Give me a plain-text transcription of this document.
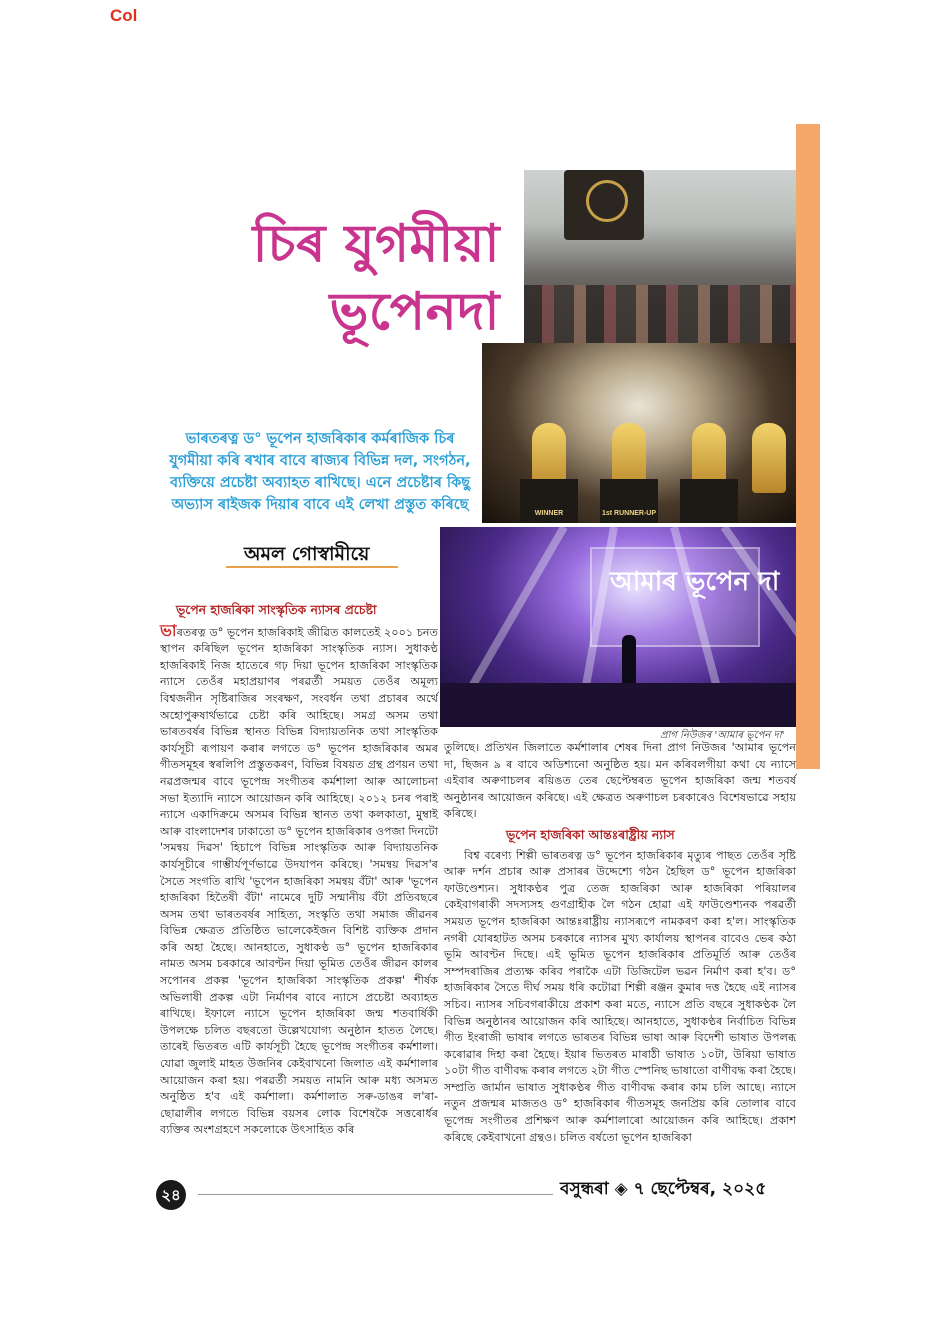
Col
চিৰ যুগমীয়া
ভূপেনদা
WINNER	1st RUNNER-UP
আমাৰ ভূপেন দা
প্ৰাগ নিউজৰ 'আমাৰ ভূপেন দা'
ভাৰতৰত্ন ড° ভূপেন হাজৰিকাৰ কৰ্মৰাজিক চিৰ যুগমীয়া কৰি ৰখাৰ বাবে ৰাজ্যৰ বিভিন্ন দল, সংগঠন, ব্যক্তিয়ে প্ৰচেষ্টা অব্যাহত ৰাখিছে। এনে প্ৰচেষ্টাৰ কিছু অভ্যাস ৰাইজক দিয়াৰ বাবে এই লেখা প্ৰস্তুত কৰিছে
অমল গোস্বামীয়ে
ভূপেন হাজৰিকা সাংস্কৃতিক ন্যাসৰ প্ৰচেষ্টা

ভাৰতৰত্ন ড° ভূপেন হাজৰিকাই জীৱিত কালতেই ২০০১ চনত স্থাপন কৰিছিল ভূপেন হাজৰিকা সাংস্কৃতিক ন্যাস। সুধাকণ্ঠ হাজৰিকাই নিজ হাতেৰে গঢ় দিয়া ভূপেন হাজৰিকা সাংস্কৃতিক ন্যাসে তেওঁৰ মহাপ্ৰয়াণৰ পৰৱৰ্তী সময়ত তেওঁৰ অমূল্য বিশ্বজনীন সৃষ্টিৰাজিৰ সংৰক্ষণ, সংবৰ্ধন তথা প্ৰচাৰৰ অৰ্থে অহোপুৰুষাৰ্থভাৱে চেষ্টা কৰি আহিছে। সমগ্ৰ অসম তথা ভাৰতবৰ্ষৰ বিভিন্ন স্থানত বিভিন্ন বিদ্যায়তনিক তথা সাংস্কৃতিক কাৰ্যসূচী ৰূপায়ণ কৰাৰ লগতে ড° ভূপেন হাজৰিকাৰ অমৰ গীতসমূহৰ স্বৰলিপি প্ৰস্তুতকৰণ, বিভিন্ন বিষয়ত গ্ৰন্থ প্ৰণয়ন তথা নৱপ্ৰজন্মৰ বাবে ভূপেন্দ্ৰ সংগীতৰ কৰ্মশালা আৰু আলোচনা সভা ইত্যাদি ন্যাসে আয়োজন কৰি আহিছে। ২০১২ চনৰ পৰাই ন্যাসে একাদিক্ৰমে অসমৰ বিভিন্ন স্থানত তথা কলকাতা, মুম্বাই আৰু বাংলাদেশৰ ঢাকাতো ড° ভূপেন হাজৰিকাৰ ওপজা দিনটো 'সমন্বয় দিৱস' হিচাপে বিভিন্ন সাংস্কৃতিক আৰু বিদ্যায়তনিক কাৰ্যসূচীৰে গাম্ভীৰ্যপূৰ্ণভাৱে উদযাপন কৰিছে। 'সমন্বয় দিৱস'ৰ সৈতে সংগতি ৰাখি 'ভূপেন হাজৰিকা সমন্বয় বঁটা' আৰু 'ভূপেন হাজৰিকা হিতৈষী বঁটা' নামেৰে দুটি সন্মানীয় বঁটা প্ৰতিবছৰে অসম তথা ভাৰতবৰ্ষৰ সাহিত্য, সংস্কৃতি তথা সমাজ জীৱনৰ বিভিন্ন ক্ষেত্ৰত প্ৰতিষ্ঠিত ভালেকেইজন বিশিষ্ট ব্যক্তিক প্ৰদান কৰি অহা হৈছে। আনহাতে, সুধাকণ্ঠ ড° ভূপেন হাজৰিকাৰ নামত অসম চৰকাৰে আবণ্টন দিয়া ভূমিত তেওঁৰ জীৱন কালৰ সপোনৰ প্ৰকল্প 'ভূপেন হাজৰিকা সাংস্কৃতিক প্ৰকল্প' শীৰ্ষক অভিলাষী প্ৰকল্প এটা নিৰ্মাণৰ বাবে ন্যাসে প্ৰচেষ্টা অব্যাহত ৰাখিছে। ইফালে ন্যাসে ভূপেন হাজৰিকা জন্ম শতবাৰ্ষিকী উপলক্ষে চলিত বছৰতো উল্লেখযোগ্য অনুষ্ঠান হাতত লৈছে। তাৰেই ভিতৰত এটি কাৰ্যসূচী হৈছে ভূপেন্দ্ৰ সংগীতৰ কৰ্মশালা। যোৱা জুলাই মাহত উজনিৰ কেইবাখনো জিলাত এই কৰ্মশালাৰ আয়োজন কৰা হয়। পৰৱৰ্তী সময়ত নামনি আৰু মধ্য অসমত অনুষ্ঠিত হ'ব এই কৰ্মশালা। কৰ্মশালাত সৰু-ডাঙৰ ল'ৰা-ছোৱালীৰ লগতে বিভিন্ন বয়সৰ লোক বিশেষকৈ সত্তৰোৰ্ধৰ ব্যক্তিৰ অংশগ্ৰহণে সকলোকে উৎসাহিত কৰি

তুলিছে। প্ৰতিখন জিলাতে কৰ্মশালাৰ শেষৰ দিনা প্ৰাগ নিউজৰ 'আমাৰ ভূপেন দা, ছিজন ৯ ৰ বাবে অডিশ্যনো অনুষ্ঠিত হয়। মন কৰিবলগীয়া কথা যে ন্যাসে এইবাৰ অৰুণাচলৰ ৰয়িঙত তেৰ ছেপ্টেম্বৰত ভূপেন হাজৰিকা জন্ম শতবৰ্ষ অনুষ্ঠানৰ আয়োজন কৰিছে। এই ক্ষেত্ৰত অৰুণাচল চৰকাৰেও বিশেষভাৱে সহায় কৰিছে।

ভূপেন হাজৰিকা আন্তঃৰাষ্ট্ৰীয় ন্যাস

বিশ্ব বৰেণ্য শিল্পী ভাৰতৰত্ন ড° ভূপেন হাজৰিকাৰ মৃত্যুৰ পাছত তেওঁৰ সৃষ্টি আৰু দৰ্শন প্ৰচাৰ আৰু প্ৰসাৰৰ উদ্দেশ্যে গঠন হৈছিল ড° ভূপেন হাজৰিকা ফাউণ্ডেশ্যন। সুধাকণ্ঠৰ পুত্ৰ তেজ হাজৰিকা আৰু হাজৰিকা পৰিয়ালৰ কেইবাগৰাকী সদস্যসহ গুণগ্ৰাহীক লৈ গঠন হোৱা এই ফাউণ্ডেশ্যনক পৰৱৰ্তী সময়ত ভূপেন হাজৰিকা আন্তঃৰাষ্ট্ৰীয় ন্যাসৰূপে নামকৰণ কৰা হ'ল। সাংস্কৃতিক নগৰী যোৰহাটত অসম চৰকাৰে ন্যাসৰ মুখ্য কাৰ্যালয় স্থাপনৰ বাবেও ভেৰ কঠা ভূমি আবণ্টন দিছে। এই ভূমিত ভূপেন হাজৰিকাৰ প্ৰতিমূৰ্তি আৰু তেওঁৰ সম্পদৰাজিৰ প্ৰত্যক্ষ কৰিব পৰাকৈ এটা ডিজিটেল ভৱন নিৰ্মাণ কৰা হ'ব। ড° হাজৰিকাৰ সৈতে দীৰ্ঘ সময় ধৰি কটোৱা শিল্পী ৰঞ্জন কুমাৰ দত্ত হৈছে এই ন্যাসৰ সচিব। ন্যাসৰ সচিবগৰাকীয়ে প্ৰকাশ কৰা মতে, ন্যাসে প্ৰতি বছৰে সুধাকণ্ঠক লৈ বিভিন্ন অনুষ্ঠানৰ আয়োজন কৰি আহিছে। আনহাতে, সুধাকণ্ঠৰ নিৰ্বাচিত বিভিন্ন গীত ইংৰাজী ভাষাৰ লগতে ভাৰতৰ বিভিন্ন ভাষা আৰু বিদেশী ভাষাত উপলব্ধ কৰোৱাৰ দিহা কৰা হৈছে। ইয়াৰ ভিতৰত মাৰাঠী ভাষাত ১০টা, উৰিয়া ভাষাত ১০টা গীত বাণীবদ্ধ কৰাৰ লগতে ২টা গীত স্পেনিছ ভাষাতো বাণীবদ্ধ কৰা হৈছে। সম্প্ৰতি জাৰ্মান ভাষাত সুধাকণ্ঠৰ গীত বাণীবদ্ধ কৰাৰ কাম চলি আছে। ন্যাসে নতুন প্ৰজন্মৰ মাজতও ড° হাজৰিকাৰ গীতসমূহ জনপ্ৰিয় কৰি তোলাৰ বাবে ভূপেন্দ্ৰ সংগীতৰ প্ৰশিক্ষণ আৰু কৰ্মশালাৰো আয়োজন কৰি আহিছে। প্ৰকাশ কৰিছে কেইবাখনো গ্ৰন্থও। চলিত বৰ্ষতো ভূপেন হাজৰিকা

২৪	বসুন্ধৰা ◈ ৭ ছেপ্টেম্বৰ, ২০২৫
